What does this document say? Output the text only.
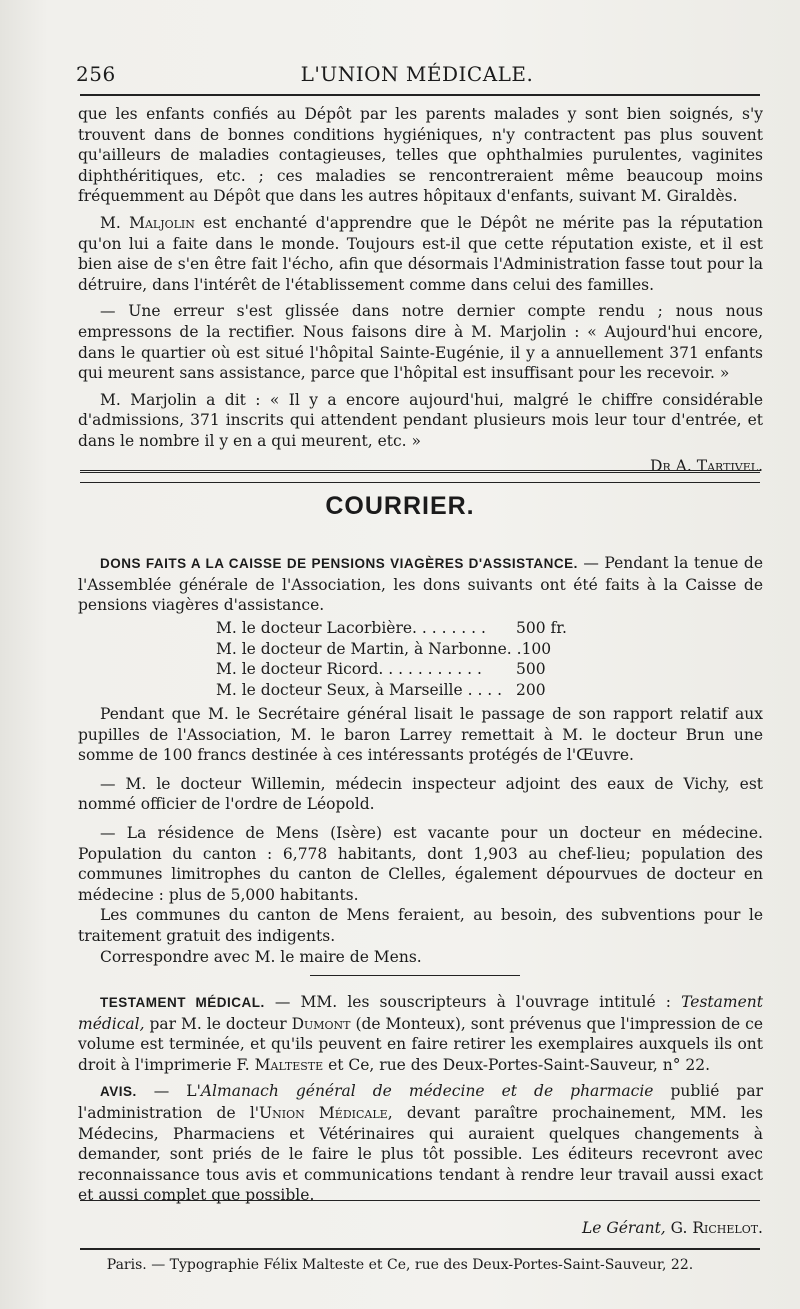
256	L'UNION MÉDICALE.

que les enfants confiés au Dépôt par les parents malades y sont bien soignés, s'y trouvent dans de bonnes conditions hygiéniques, n'y contractent pas plus souvent qu'ailleurs de maladies contagieuses, telles que ophthalmies purulentes, vaginites diphthéritiques, etc. ; ces maladies se rencontreraient même beaucoup moins fréquemment au Dépôt que dans les autres hôpitaux d'enfants, suivant M. Giraldès.

M. Maljolin est enchanté d'apprendre que le Dépôt ne mérite pas la réputation qu'on lui a faite dans le monde. Toujours est-il que cette réputation existe, et il est bien aise de s'en être fait l'écho, afin que désormais l'Administration fasse tout pour la détruire, dans l'intérêt de l'établissement comme dans celui des familles.

— Une erreur s'est glissée dans notre dernier compte rendu ; nous nous empressons de la rectifier. Nous faisons dire à M. Marjolin : « Aujourd'hui encore, dans le quartier où est situé l'hôpital Sainte-Eugénie, il y a annuellement 371 enfants qui meurent sans assistance, parce que l'hôpital est insuffisant pour les recevoir. »

M. Marjolin a dit : « Il y a encore aujourd'hui, malgré le chiffre considérable d'admissions, 371 inscrits qui attendent pendant plusieurs mois leur tour d'entrée, et dans le nombre il y en a qui meurent, etc. »

Dr A. Tartivel.

COURRIER.

DONS FAITS A LA CAISSE DE PENSIONS VIAGÈRES D'ASSISTANCE. — Pendant la tenue de l'Assemblée générale de l'Association, les dons suivants ont été faits à la Caisse de pensions viagères d'assistance.

M. le docteur Lacorbière. . . . . . . . 500 fr.
M. le docteur de Martin, à Narbonne. . 100
M. le docteur Ricord. . . . . . . . . . . 500
M. le docteur Seux, à Marseille . . . . 200

Pendant que M. le Secrétaire général lisait le passage de son rapport relatif aux pupilles de l'Association, M. le baron Larrey remettait à M. le docteur Brun une somme de 100 francs destinée à ces intéressants protégés de l'Œuvre.

— M. le docteur Willemin, médecin inspecteur adjoint des eaux de Vichy, est nommé officier de l'ordre de Léopold.

— La résidence de Mens (Isère) est vacante pour un docteur en médecine. Population du canton : 6,778 habitants, dont 1,903 au chef-lieu; population des communes limitrophes du canton de Clelles, également dépourvues de docteur en médecine : plus de 5,000 habitants.

Les communes du canton de Mens feraient, au besoin, des subventions pour le traitement gratuit des indigents.

Correspondre avec M. le maire de Mens.

TESTAMENT MÉDICAL. — MM. les souscripteurs à l'ouvrage intitulé : Testament médical, par M. le docteur Dumont (de Monteux), sont prévenus que l'impression de ce volume est terminée, et qu'ils peuvent en faire retirer les exemplaires auxquels ils ont droit à l'imprimerie F. Malteste et Ce, rue des Deux-Portes-Saint-Sauveur, n° 22.

AVIS. — L'Almanach général de médecine et de pharmacie publié par l'administration de l'Union Médicale, devant paraître prochainement, MM. les Médecins, Pharmaciens et Vétérinaires qui auraient quelques changements à demander, sont priés de le faire le plus tôt possible. Les éditeurs recevront avec reconnaissance tous avis et communications tendant à rendre leur travail aussi exact et aussi complet que possible.

Le Gérant, G. Richelot.

Paris. — Typographie Félix Malteste et Ce, rue des Deux-Portes-Saint-Sauveur, 22.
